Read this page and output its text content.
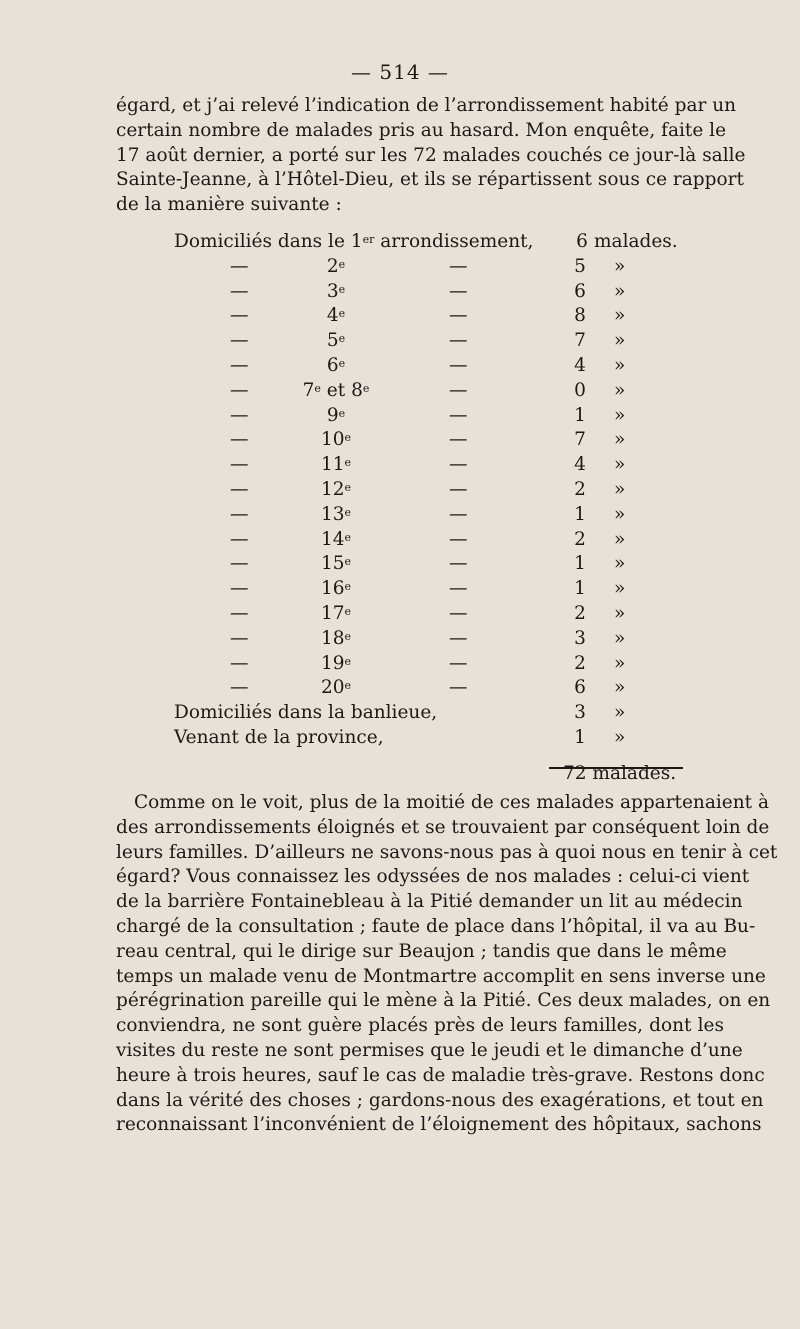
— 514 —
égard, et j’ai relevé l’indication de l’arrondissement habité par un
certain nombre de malades pris au hasard. Mon enquête, faite le
17 août dernier, a porté sur les 72 malades couchés ce jour-là salle
Sainte-Jeanne, à l’Hôtel-Dieu, et ils se répartissent sous ce rapport
de la manière suivante :
Domiciliés dans le 1er arrondissement, 6 malades.
—	2e	—	5 »
—	3e	—	6 »
—	4e	—	8 »
—	5e	—	7 »
—	6e	—	4 »
—	7e et 8e	—	0 »
—	9e	—	1 »
—	10e	—	7 »
—	11e	—	4 »
—	12e	—	2 »
—	13e	—	1 »
—	14e	—	2 »
—	15e	—	1 »
—	16e	—	1 »
—	17e	—	2 »
—	18e	—	3 »
—	19e	—	2 »
—	20e	—	6 »
Domiciliés dans la banlieue,	3 »
Venant de la province,	1 »
72 malades.
Comme on le voit, plus de la moitié de ces malades appartenaient à
des arrondissements éloignés et se trouvaient par conséquent loin de
leurs familles. D’ailleurs ne savons-nous pas à quoi nous en tenir à cet
égard? Vous connaissez les odyssées de nos malades : celui-ci vient
de la barrière Fontainebleau à la Pitié demander un lit au médecin
chargé de la consultation ; faute de place dans l’hôpital, il va au Bu-
reau central, qui le dirige sur Beaujon ; tandis que dans le même
temps un malade venu de Montmartre accomplit en sens inverse une
pérégrination pareille qui le mène à la Pitié. Ces deux malades, on en
conviendra, ne sont guère placés près de leurs familles, dont les
visites du reste ne sont permises que le jeudi et le dimanche d’une
heure à trois heures, sauf le cas de maladie très-grave. Restons donc
dans la vérité des choses ; gardons-nous des exagérations, et tout en
reconnaissant l’inconvénient de l’éloignement des hôpitaux, sachons
